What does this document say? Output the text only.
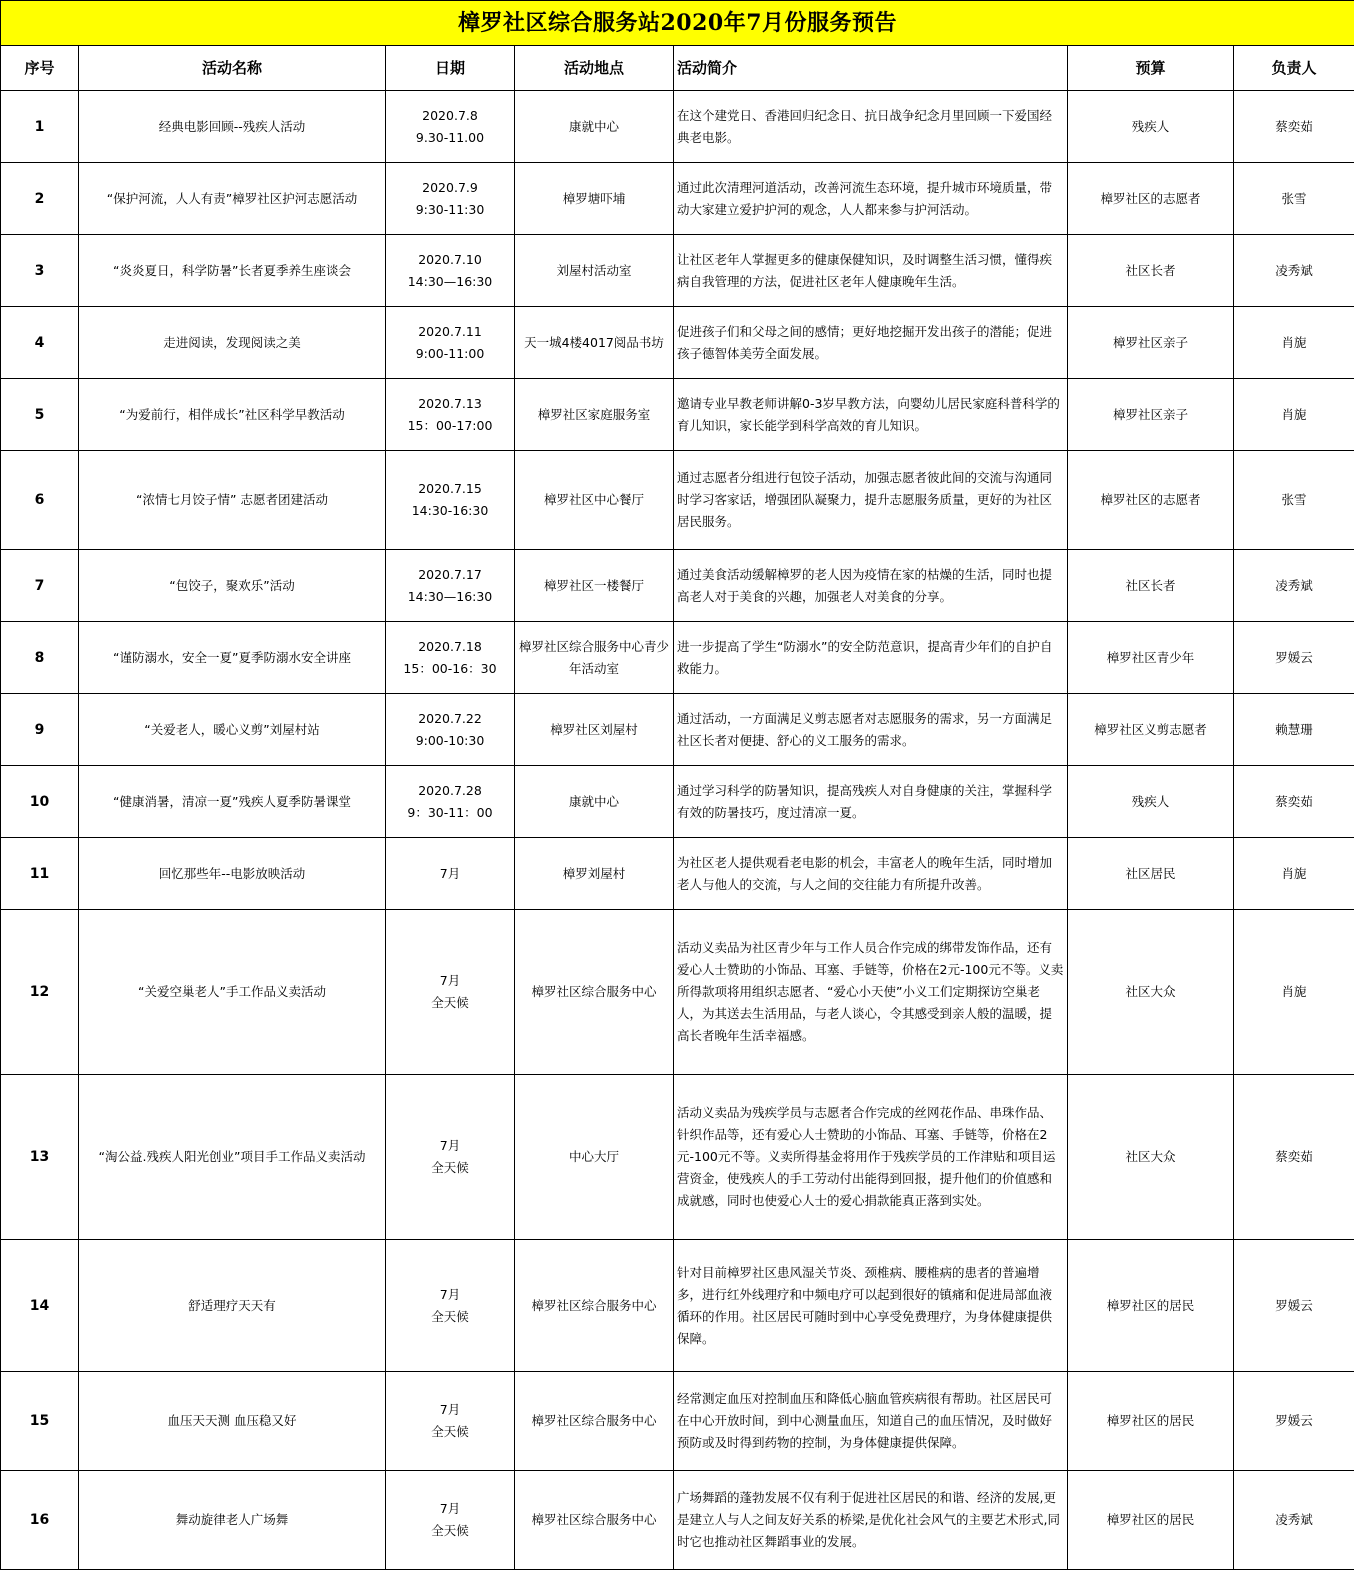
樟罗社区综合服务站2020年7月份服务预告						
序号	活动名称	日期	活动地点	活动简介	预算	负责人
1	经典电影回顾--残疾人活动	2020.7.8
9.30-11.00	康就中心	在这个建党日、香港回归纪念日、抗日战争纪念月里回顾一下爱国经典老电影。	残疾人	蔡奕茹
2	“保护河流，人人有责”樟罗社区护河志愿活动	2020.7.9
9:30-11:30	樟罗塘吓埔	通过此次清理河道活动，改善河流生态环境，提升城市环境质量，带动大家建立爱护护河的观念，人人都来参与护河活动。	樟罗社区的志愿者	张雪
3	“炎炎夏日，科学防暑”长者夏季养生座谈会	2020.7.10
14:30—16:30	刘屋村活动室	让社区老年人掌握更多的健康保健知识，及时调整生活习惯，懂得疾病自我管理的方法，促进社区老年人健康晚年生活。	社区长者	凌秀斌
4	走进阅读，发现阅读之美	2020.7.11
9:00-11:00	天一城4楼4017阅品书坊	促进孩子们和父母之间的感情；更好地挖掘开发出孩子的潜能；促进孩子德智体美劳全面发展。	樟罗社区亲子	肖旎
5	“为爱前行，相伴成长”社区科学早教活动	2020.7.13
15：00-17:00	樟罗社区家庭服务室	邀请专业早教老师讲解0-3岁早教方法，向婴幼儿居民家庭科普科学的育儿知识，家长能学到科学高效的育儿知识。	樟罗社区亲子	肖旎
6	“浓情七月饺子情” 志愿者团建活动	2020.7.15
14:30-16:30	樟罗社区中心餐厅	通过志愿者分组进行包饺子活动，加强志愿者彼此间的交流与沟通同时学习客家话，增强团队凝聚力，提升志愿服务质量，更好的为社区居民服务。	樟罗社区的志愿者	张雪
7	“包饺子，聚欢乐”活动	2020.7.17
14:30—16:30	樟罗社区一楼餐厅	通过美食活动缓解樟罗的老人因为疫情在家的枯燥的生活，同时也提高老人对于美食的兴趣，加强老人对美食的分享。	社区长者	凌秀斌
8	“谨防溺水，安全一夏”夏季防溺水安全讲座	2020.7.18
15：00-16：30	樟罗社区综合服务中心青少年活动室	进一步提高了学生“防溺水”的安全防范意识，提高青少年们的自护自救能力。	樟罗社区青少年	罗媛云
9	“关爱老人，暖心义剪”刘屋村站	2020.7.22
9:00-10:30	樟罗社区刘屋村	通过活动，一方面满足义剪志愿者对志愿服务的需求，另一方面满足社区长者对便捷、舒心的义工服务的需求。	樟罗社区义剪志愿者	赖慧珊
10	“健康消暑，清凉一夏”残疾人夏季防暑课堂	2020.7.28
9：30-11：00	康就中心	通过学习科学的防暑知识，提高残疾人对自身健康的关注，掌握科学有效的防暑技巧，度过清凉一夏。	残疾人	蔡奕茹
11	回忆那些年--电影放映活动	7月	樟罗刘屋村	为社区老人提供观看老电影的机会，丰富老人的晚年生活，同时增加老人与他人的交流，与人之间的交往能力有所提升改善。	社区居民	肖旎
12	“关爱空巢老人”手工作品义卖活动	7月
全天候	樟罗社区综合服务中心	活动义卖品为社区青少年与工作人员合作完成的绑带发饰作品，还有爱心人士赞助的小饰品、耳塞、手链等，价格在2元-100元不等。义卖所得款项将用组织志愿者、“爱心小天使”小义工们定期探访空巢老人，为其送去生活用品，与老人谈心，令其感受到亲人般的温暖，提高长者晚年生活幸福感。	社区大众	肖旎
13	“淘公益.残疾人阳光创业”项目手工作品义卖活动	7月
全天候	中心大厅	活动义卖品为残疾学员与志愿者合作完成的丝网花作品、串珠作品、针织作品等，还有爱心人士赞助的小饰品、耳塞、手链等，价格在2元-100元不等。义卖所得基金将用作于残疾学员的工作津贴和项目运营资金，使残疾人的手工劳动付出能得到回报，提升他们的价值感和成就感，同时也使爱心人士的爱心捐款能真正落到实处。	社区大众	蔡奕茹
14	舒适理疗天天有	7月
全天候	樟罗社区综合服务中心	针对目前樟罗社区患风湿关节炎、颈椎病、腰椎病的患者的普遍增多，进行红外线理疗和中频电疗可以起到很好的镇痛和促进局部血液循环的作用。社区居民可随时到中心享受免费理疗，为身体健康提供保障。	樟罗社区的居民	罗媛云
15	血压天天测 血压稳又好	7月
全天候	樟罗社区综合服务中心	经常测定血压对控制血压和降低心脑血管疾病很有帮助。社区居民可在中心开放时间，到中心测量血压，知道自己的血压情况，及时做好预防或及时得到药物的控制，为身体健康提供保障。	樟罗社区的居民	罗媛云
16	舞动旋律老人广场舞	7月
全天候	樟罗社区综合服务中心	广场舞蹈的蓬勃发展不仅有利于促进社区居民的和谐、经济的发展,更是建立人与人之间友好关系的桥梁,是优化社会风气的主要艺术形式,同时它也推动社区舞蹈事业的发展。	樟罗社区的居民	凌秀斌
